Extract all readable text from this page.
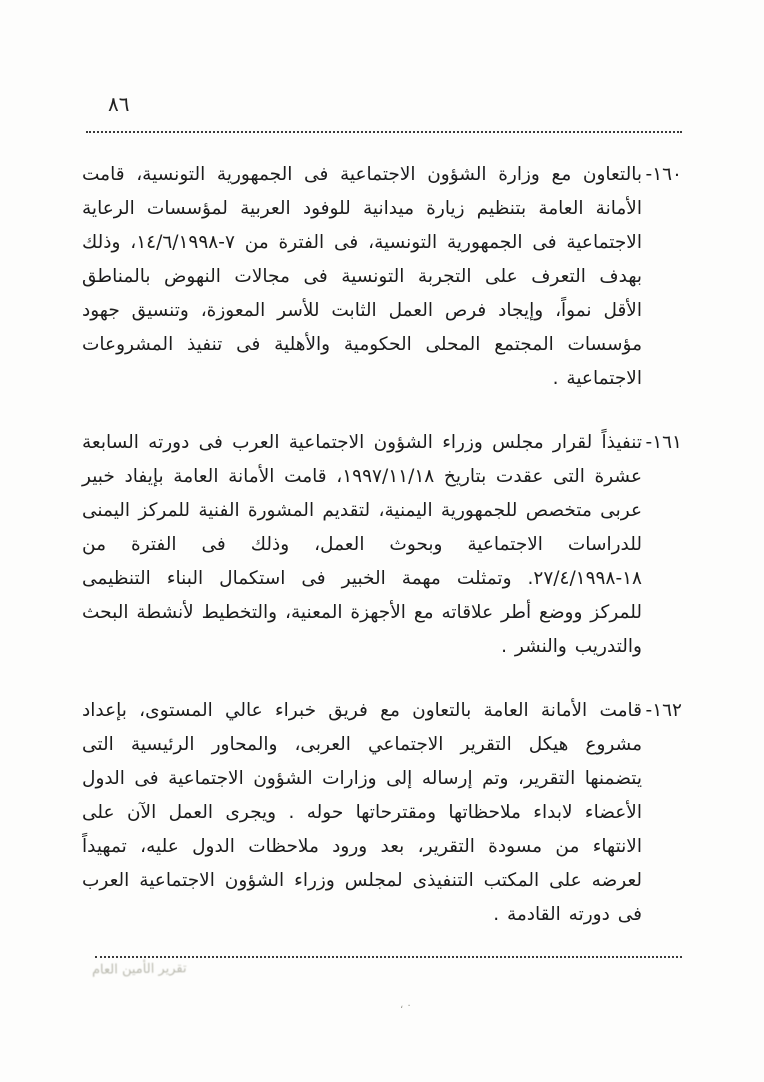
٨٦

١٦٠-بالتعاون مع وزارة الشؤون الاجتماعية فى الجمهورية التونسية، قامت الأمانة العامة بتنظيم زيارة ميدانية للوفود العربية لمؤسسات الرعاية الاجتماعية فى الجمهورية التونسية، فى الفترة من ٧-١٤/٦/١٩٩٨، وذلك بهدف التعرف على التجربة التونسية فى مجالات النهوض بالمناطق الأقل نمواً، وإيجاد فرص العمل الثابت للأسر المعوزة، وتنسيق جهود مؤسسات المجتمع المحلى الحكومية والأهلية فى تنفيذ المشروعات الاجتماعية .

١٦١-تنفيذاً لقرار مجلس وزراء الشؤون الاجتماعية العرب فى دورته السابعة عشرة التى عقدت بتاريخ ١٩٩٧/١١/١٨، قامت الأمانة العامة بإيفاد خبير عربى متخصص للجمهورية اليمنية، لتقديم المشورة الفنية للمركز اليمنى للدراسات الاجتماعية وبحوث العمل، وذلك فى الفترة من ١٨-٢٧/٤/١٩٩٨. وتمثلت مهمة الخبير فى استكمال البناء التنظيمى للمركز ووضع أطر علاقاته مع الأجهزة المعنية، والتخطيط لأنشطة البحث والتدريب والنشر .

١٦٢-قامت الأمانة العامة بالتعاون مع فريق خبراء عالي المستوى، بإعداد مشروع هيكل التقرير الاجتماعي العربى، والمحاور الرئيسية التى يتضمنها التقرير، وتم إرساله إلى وزارات الشؤون الاجتماعية فى الدول الأعضاء لابداء ملاحظاتها ومقترحاتها حوله . ويجرى العمل الآن على الانتهاء من مسودة التقرير، بعد ورود ملاحظات الدول عليه، تمهيداً لعرضه على المكتب التنفيذى لمجلس وزراء الشؤون الاجتماعية العرب فى دورته القادمة .

تقرير الأمين العام
، ٠
